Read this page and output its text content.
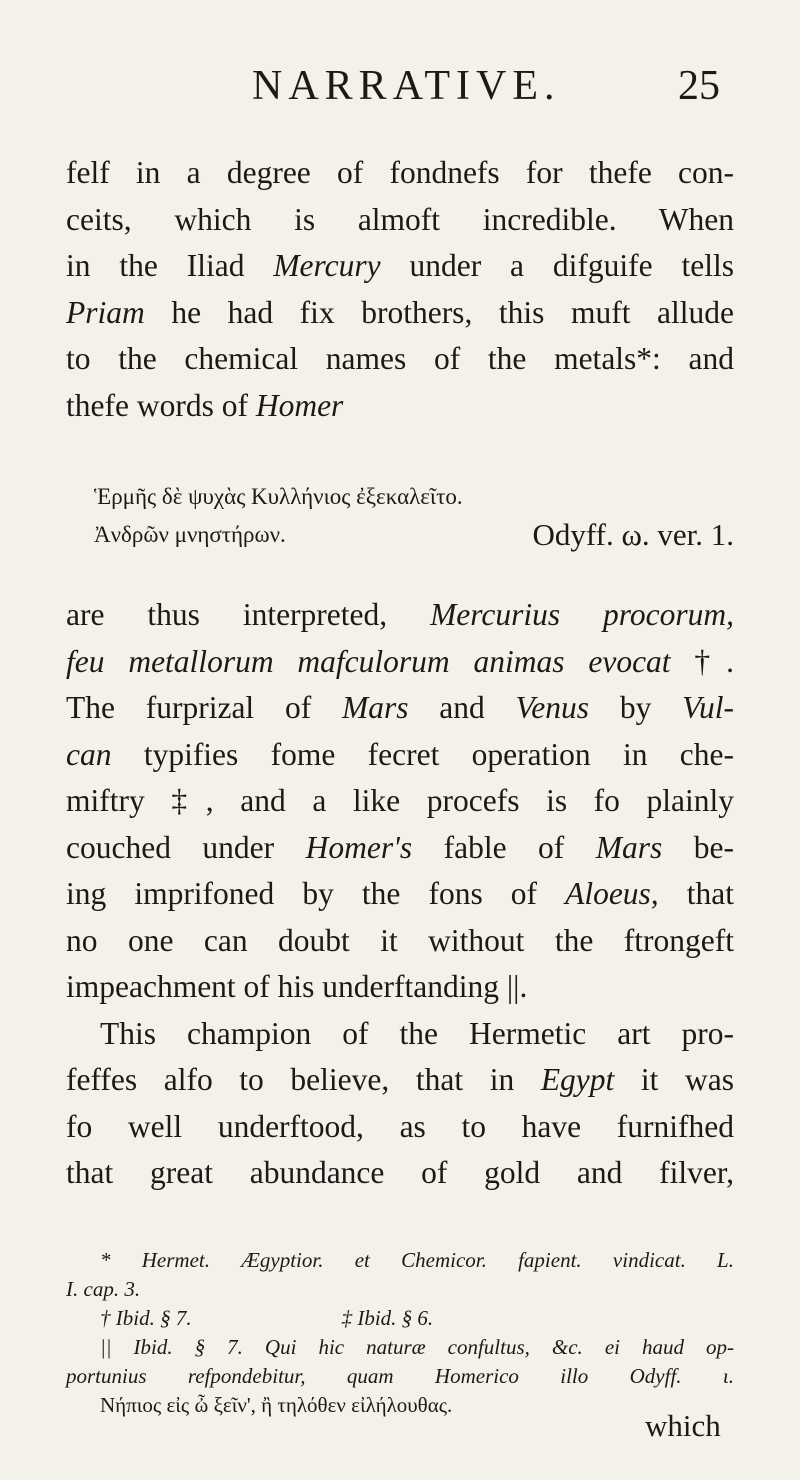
NARRATIVE.	25
felf in a degree of fondnefs for thefe con-
ceits, which is almoft incredible. When
in the Iliad Mercury under a difguife tells
Priam he had fix brothers, this muft allude
to the chemical names of the metals*: and
thefe words of Homer
Ἑρμῆς δὲ ψυχὰς Κυλλήνιος ἐξεκαλεῖτο.
Ἀνδρῶν μνηστήρων.	Odyff. ω. ver. 1.
are thus interpreted, Mercurius procorum,
feu metallorum mafculorum animas evocat †.
The furprizal of Mars and Venus by Vul-
can typifies fome fecret operation in che-
miftry ‡, and a like procefs is fo plainly
couched under Homer's fable of Mars be-
ing imprifoned by the fons of Aloeus, that
no one can doubt it without the ftrongeft
impeachment of his underftanding ||.
This champion of the Hermetic art pro-
feffes alfo to believe, that in Egypt it was
fo well underftood, as to have furnifhed
that great abundance of gold and filver,
* Hermet. Ægyptior. et Chemicor. fapient. vindicat. L.
I. cap. 3.
† Ibid. § 7.	‡ Ibid. § 6.
|| Ibid. § 7. Qui hic naturæ confultus, &c. ei haud op-
portunius refpondebitur, quam Homerico illo Odyff. ι.
Νήπιος εἰς ὦ ξεῖν', ἢ τηλόθεν εἰλήλουθας.
which
